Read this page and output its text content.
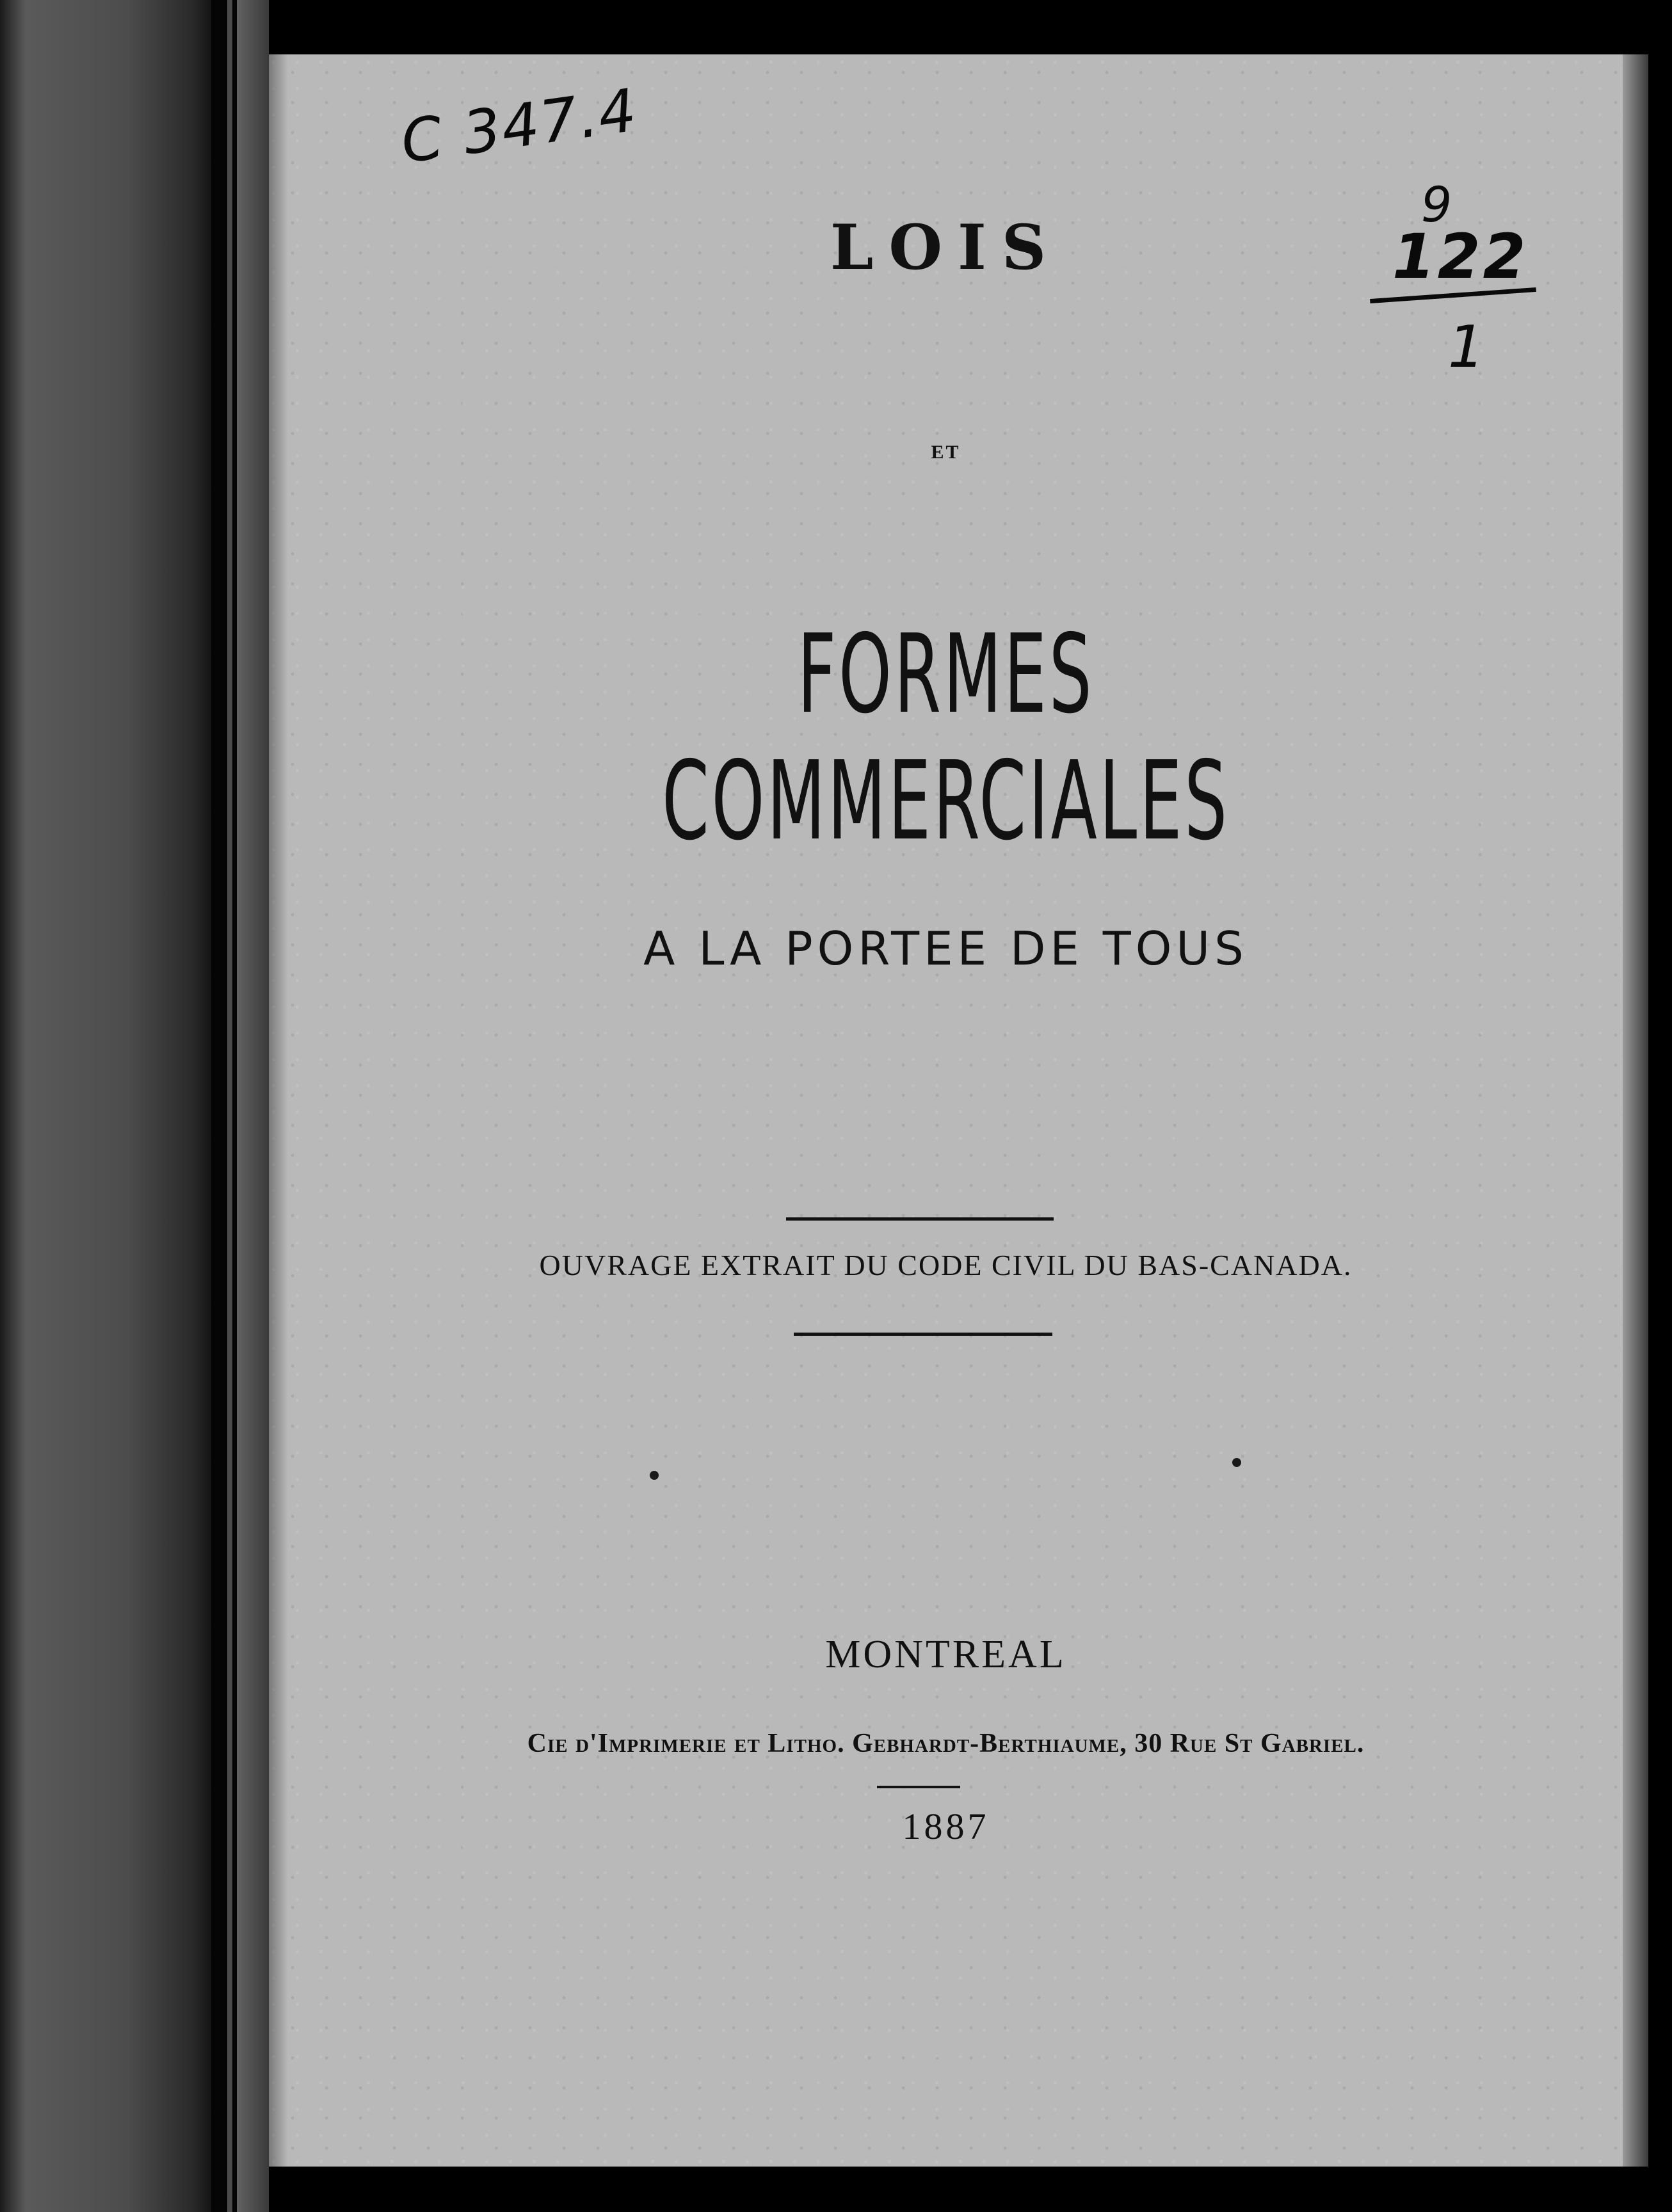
C 347.4
9
122
1
LOIS
ET
FORMES COMMERCIALES
A LA PORTEE DE TOUS
OUVRAGE EXTRAIT DU CODE CIVIL DU BAS-CANADA.
MONTREAL
Cie d'Imprimerie et Litho. Gebhardt-Berthiaume, 30 Rue St Gabriel.
1887
